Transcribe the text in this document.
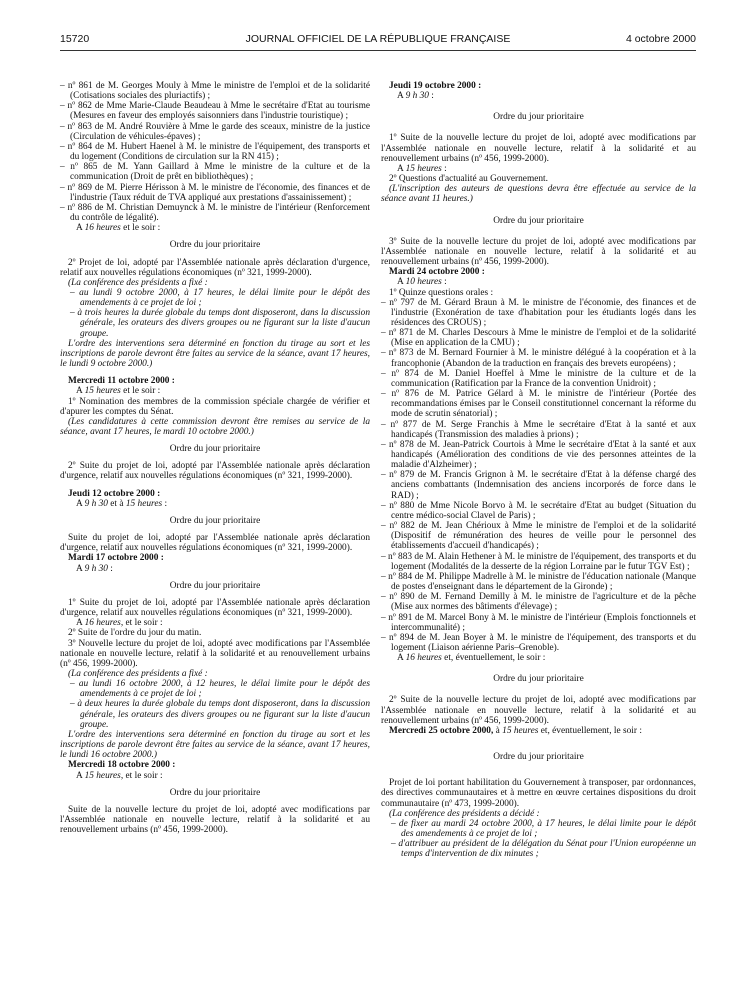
15720	JOURNAL OFFICIEL DE LA RÉPUBLIQUE FRANÇAISE	4 octobre 2000

– nº 861 de M. Georges Mouly à Mme le ministre de l'emploi et de la solidarité (Cotisations sociales des pluriactifs) ;

– nº 862 de Mme Marie-Claude Beaudeau à Mme le secrétaire d'Etat au tourisme (Mesures en faveur des employés saisonniers dans l'industrie touristique) ;

– nº 863 de M. André Rouvière à Mme le garde des sceaux, ministre de la justice (Circulation de véhicules-épaves) ;

– nº 864 de M. Hubert Haenel à M. le ministre de l'équipement, des transports et du logement (Conditions de circulation sur la RN 415) ;

– nº 865 de M. Yann Gaillard à Mme le ministre de la culture et de la communication (Droit de prêt en bibliothèques) ;

– nº 869 de M. Pierre Hérisson à M. le ministre de l'économie, des finances et de l'industrie (Taux réduit de TVA appliqué aux prestations d'assainissement) ;

– nº 886 de M. Christian Demuynck à M. le ministre de l'intérieur (Renforcement du contrôle de légalité).

A 16 heures et le soir :

Ordre du jour prioritaire

2º Projet de loi, adopté par l'Assemblée nationale après déclaration d'urgence, relatif aux nouvelles régulations économiques (nº 321, 1999-2000).

(La conférence des présidents a fixé :

– au lundi 9 octobre 2000, à 17 heures, le délai limite pour le dépôt des amendements à ce projet de loi ;

– à trois heures la durée globale du temps dont disposeront, dans la discussion générale, les orateurs des divers groupes ou ne figurant sur la liste d'aucun groupe.

L'ordre des interventions sera déterminé en fonction du tirage au sort et les inscriptions de parole devront être faites au service de la séance, avant 17 heures, le lundi 9 octobre 2000.)

Mercredi 11 octobre 2000 :

A 15 heures et le soir :

1º Nomination des membres de la commission spéciale chargée de vérifier et d'apurer les comptes du Sénat.

(Les candidatures à cette commission devront être remises au service de la séance, avant 17 heures, le mardi 10 octobre 2000.)

Ordre du jour prioritaire

2º Suite du projet de loi, adopté par l'Assemblée nationale après déclaration d'urgence, relatif aux nouvelles régulations économiques (nº 321, 1999-2000).

Jeudi 12 octobre 2000 :

A 9 h 30 et à 15 heures :

Ordre du jour prioritaire

Suite du projet de loi, adopté par l'Assemblée nationale après déclaration d'urgence, relatif aux nouvelles régulations économiques (nº 321, 1999-2000).

Mardi 17 octobre 2000 :

A 9 h 30 :

Ordre du jour prioritaire

1º Suite du projet de loi, adopté par l'Assemblée nationale après déclaration d'urgence, relatif aux nouvelles régulations économiques (nº 321, 1999-2000).

A 16 heures, et le soir :

2º Suite de l'ordre du jour du matin.

3º Nouvelle lecture du projet de loi, adopté avec modifications par l'Assemblée nationale en nouvelle lecture, relatif à la solidarité et au renouvellement urbains (nº 456, 1999-2000).

(La conférence des présidents a fixé :

– au lundi 16 octobre 2000, à 12 heures, le délai limite pour le dépôt des amendements à ce projet de loi ;

– à deux heures la durée globale du temps dont disposeront, dans la discussion générale, les orateurs des divers groupes ou ne figurant sur la liste d'aucun groupe.

L'ordre des interventions sera déterminé en fonction du tirage au sort et les inscriptions de parole devront être faites au service de la séance, avant 17 heures, le lundi 16 octobre 2000.)

Mercredi 18 octobre 2000 :

A 15 heures, et le soir :

Ordre du jour prioritaire

Suite de la nouvelle lecture du projet de loi, adopté avec modifications par l'Assemblée nationale en nouvelle lecture, relatif à la solidarité et au renouvellement urbains (nº 456, 1999-2000).

Jeudi 19 octobre 2000 :

A 9 h 30 :

Ordre du jour prioritaire

1º Suite de la nouvelle lecture du projet de loi, adopté avec modifications par l'Assemblée nationale en nouvelle lecture, relatif à la solidarité et au renouvellement urbains (nº 456, 1999-2000).

A 15 heures :

2º Questions d'actualité au Gouvernement.

(L'inscription des auteurs de questions devra être effectuée au service de la séance avant 11 heures.)

Ordre du jour prioritaire

3º Suite de la nouvelle lecture du projet de loi, adopté avec modifications par l'Assemblée nationale en nouvelle lecture, relatif à la solidarité et au renouvellement urbains (nº 456, 1999-2000).

Mardi 24 octobre 2000 :

A 10 heures :

1º Quinze questions orales :

– nº 797 de M. Gérard Braun à M. le ministre de l'économie, des finances et de l'industrie (Exonération de taxe d'habitation pour les étudiants logés dans les résidences des CROUS) ;

– nº 871 de M. Charles Descours à Mme le ministre de l'emploi et de la solidarité (Mise en application de la CMU) ;

– nº 873 de M. Bernard Fournier à M. le ministre délégué à la coopération et à la francophonie (Abandon de la traduction en français des brevets européens) ;

– nº 874 de M. Daniel Hoeffel à Mme le ministre de la culture et de la communication (Ratification par la France de la convention Unidroit) ;

– nº 876 de M. Patrice Gélard à M. le ministre de l'intérieur (Portée des recommandations émises par le Conseil constitutionnel concernant la réforme du mode de scrutin sénatorial) ;

– nº 877 de M. Serge Franchis à Mme le secrétaire d'Etat à la santé et aux handicapés (Transmission des maladies à prions) ;

– nº 878 de M. Jean-Patrick Courtois à Mme le secrétaire d'Etat à la santé et aux handicapés (Amélioration des conditions de vie des personnes atteintes de la maladie d'Alzheimer) ;

– nº 879 de M. Francis Grignon à M. le secrétaire d'Etat à la défense chargé des anciens combattants (Indemnisation des anciens incorporés de force dans le RAD) ;

– nº 880 de Mme Nicole Borvo à M. le secrétaire d'Etat au budget (Situation du centre médico-social Clavel de Paris) ;

– nº 882 de M. Jean Chérioux à Mme le ministre de l'emploi et de la solidarité (Dispositif de rémunération des heures de veille pour le personnel des établissements d'accueil d'handicapés) ;

– nº 883 de M. Alain Hethener à M. le ministre de l'équipement, des transports et du logement (Modalités de la desserte de la région Lorraine par le futur TGV Est) ;

– nº 884 de M. Philippe Madrelle à M. le ministre de l'éducation nationale (Manque de postes d'enseignant dans le département de la Gironde) ;

– nº 890 de M. Fernand Demilly à M. le ministre de l'agriculture et de la pêche (Mise aux normes des bâtiments d'élevage) ;

– nº 891 de M. Marcel Bony à M. le ministre de l'intérieur (Emplois fonctionnels et intercommunalité) ;

– nº 894 de M. Jean Boyer à M. le ministre de l'équipement, des transports et du logement (Liaison aérienne Paris–Grenoble).

A 16 heures et, éventuellement, le soir :

Ordre du jour prioritaire

2º Suite de la nouvelle lecture du projet de loi, adopté avec modifications par l'Assemblée nationale en nouvelle lecture, relatif à la solidarité et au renouvellement urbains (nº 456, 1999-2000).

Mercredi 25 octobre 2000, à 15 heures et, éventuellement, le soir :

Ordre du jour prioritaire

Projet de loi portant habilitation du Gouvernement à transposer, par ordonnances, des directives communautaires et à mettre en œuvre certaines dispositions du droit communautaire (nº 473, 1999-2000).

(La conférence des présidents a décidé :

– de fixer au mardi 24 octobre 2000, à 17 heures, le délai limite pour le dépôt des amendements à ce projet de loi ;

– d'attribuer au président de la délégation du Sénat pour l'Union européenne un temps d'intervention de dix minutes ;
